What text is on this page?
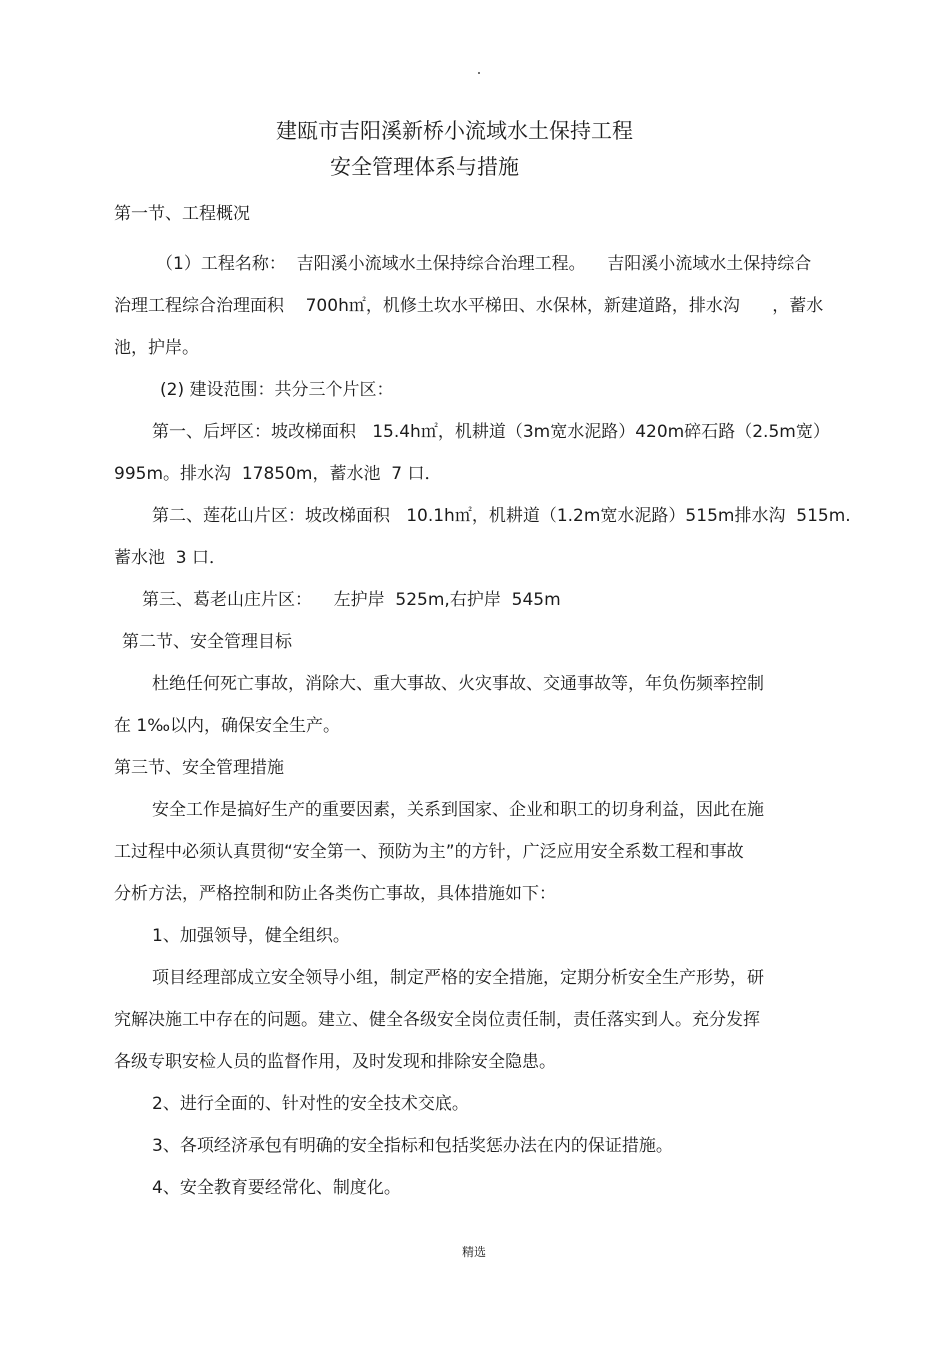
建瓯市吉阳溪新桥小流域水土保持工程
安全管理体系与措施
第一节、工程概况
（1）工程名称：  吉阳溪小流域水土保持综合治理工程。    吉阳溪小流域水土保持综合
治理工程综合治理面积    700h㎡，机修土坎水平梯田、水保林，新建道路，排水沟      ，蓄水
池，护岸。
(2) 建设范围：共分三个片区：
第一、后坪区：坡改梯面积   15.4h㎡，机耕道（3m宽水泥路）420m碎石路（2.5m宽）
995m。排水沟  17850m，蓄水池  7 口．
第二、莲花山片区：坡改梯面积   10.1h㎡，机耕道（1.2m宽水泥路）515m排水沟  515m.
蓄水池  3 口．
第三、葛老山庄片区：    左护岸  525m,右护岸  545m
第二节、安全管理目标
杜绝任何死亡事故，消除大、重大事故、火灾事故、交通事故等，年负伤频率控制
在 1‰以内，确保安全生产。
第三节、安全管理措施
安全工作是搞好生产的重要因素，关系到国家、企业和职工的切身利益，因此在施
工过程中必须认真贯彻“安全第一、预防为主”的方针，广泛应用安全系数工程和事故
分析方法，严格控制和防止各类伤亡事故，具体措施如下：
1、加强领导，健全组织。
项目经理部成立安全领导小组，制定严格的安全措施，定期分析安全生产形势，研
究解决施工中存在的问题。建立、健全各级安全岗位责任制，责任落实到人。充分发挥
各级专职安检人员的监督作用，及时发现和排除安全隐患。
2、进行全面的、针对性的安全技术交底。
3、各项经济承包有明确的安全指标和包括奖惩办法在内的保证措施。
4、安全教育要经常化、制度化。
精选
